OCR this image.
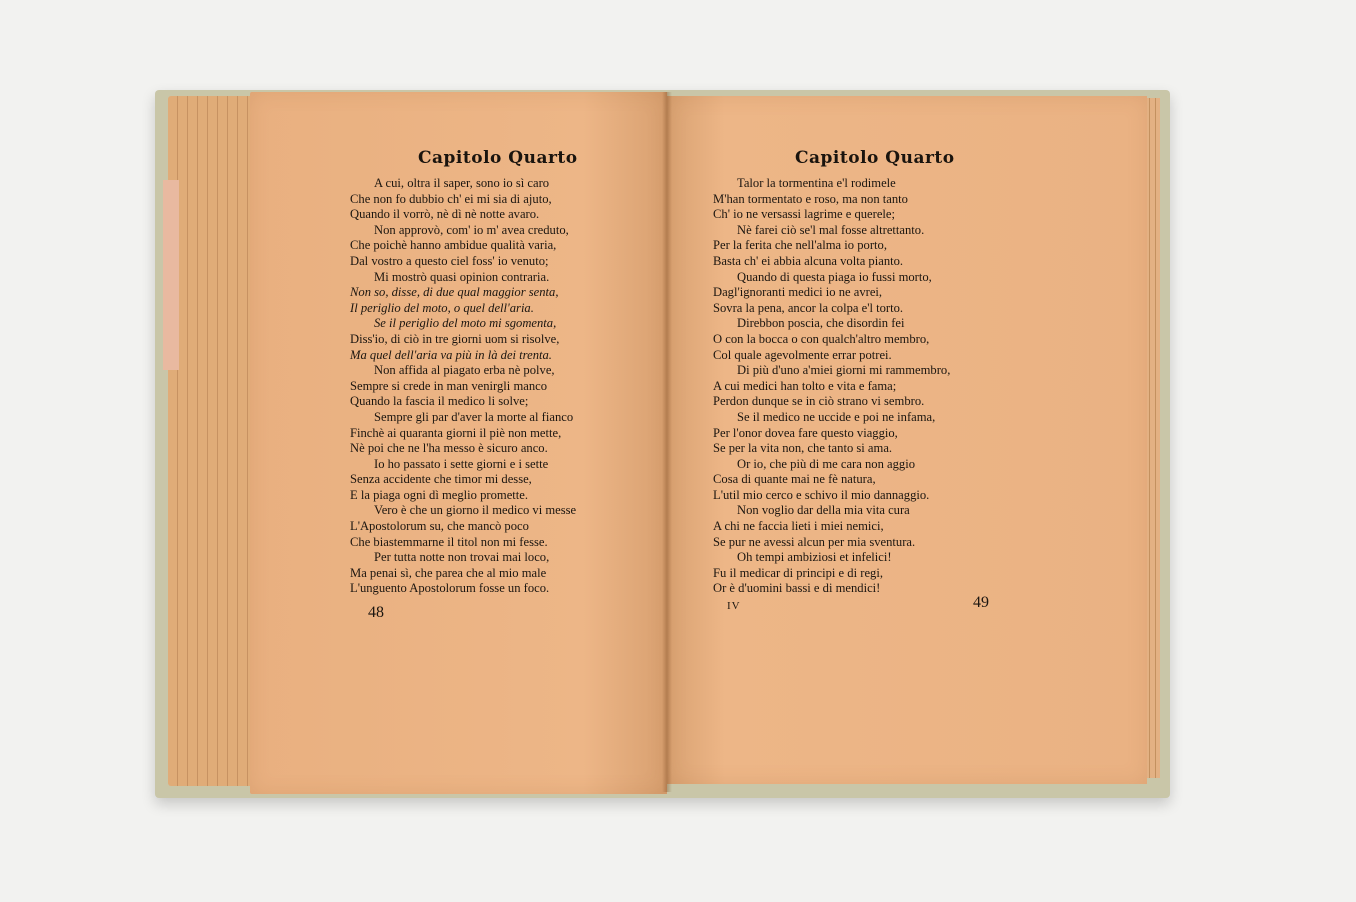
Capitolo Quarto
A cui, oltra il saper, sono io sì caro
Che non fo dubbio ch' ei mi sia di ajuto,
Quando il vorrò, nè dì nè notte avaro.
Non approvò, com' io m' avea creduto,
Che poichè hanno ambidue qualità varia,
Dal vostro a questo ciel foss' io venuto;
Mi mostrò quasi opinion contraria.
Non so, disse, di due qual maggior senta,
Il periglio del moto, o quel dell'aria.
Se il periglio del moto mi sgomenta,
Diss'io, di ciò in tre giorni uom si risolve,
Ma quel dell'aria va più in là dei trenta.
Non affida al piagato erba nè polve,
Sempre si crede in man venirgli manco
Quando la fascia il medico li solve;
Sempre gli par d'aver la morte al fianco
Finchè ai quaranta giorni il piè non mette,
Nè poi che ne l'ha messo è sicuro anco.
Io ho passato i sette giorni e i sette
Senza accidente che timor mi desse,
E la piaga ogni dì meglio promette.
Vero è che un giorno il medico vi messe
L'Apostolorum su, che mancò poco
Che biastemmarne il titol non mi fesse.
Per tutta notte non trovai mai loco,
Ma penai sì, che parea che al mio male
L'unguento Apostolorum fosse un foco.
48
Capitolo Quarto
Talor la tormentina e'l rodimele
M'han tormentato e roso, ma non tanto
Ch' io ne versassi lagrime e querele;
Nè farei ciò se'l mal fosse altrettanto.
Per la ferita che nell'alma io porto,
Basta ch' ei abbia alcuna volta pianto.
Quando di questa piaga io fussi morto,
Dagl'ignoranti medici io ne avrei,
Sovra la pena, ancor la colpa e'l torto.
Direbbon poscia, che disordin fei
O con la bocca o con qualch'altro membro,
Col quale agevolmente errar potrei.
Di più d'uno a'miei giorni mi rammembro,
A cui medici han tolto e vita e fama;
Perdon dunque se in ciò strano vi sembro.
Se il medico ne uccide e poi ne infama,
Per l'onor dovea fare questo viaggio,
Se per la vita non, che tanto si ama.
Or io, che più di me cara non aggio
Cosa di quante mai ne fè natura,
L'util mio cerco e schivo il mio dannaggio.
Non voglio dar della mia vita cura
A chi ne faccia lieti i miei nemici,
Se pur ne avessi alcun per mia sventura.
Oh tempi ambiziosi et infelici!
Fu il medicar di principi e di regi,
Or è d'uomini bassi e di mendici!
IV	49
